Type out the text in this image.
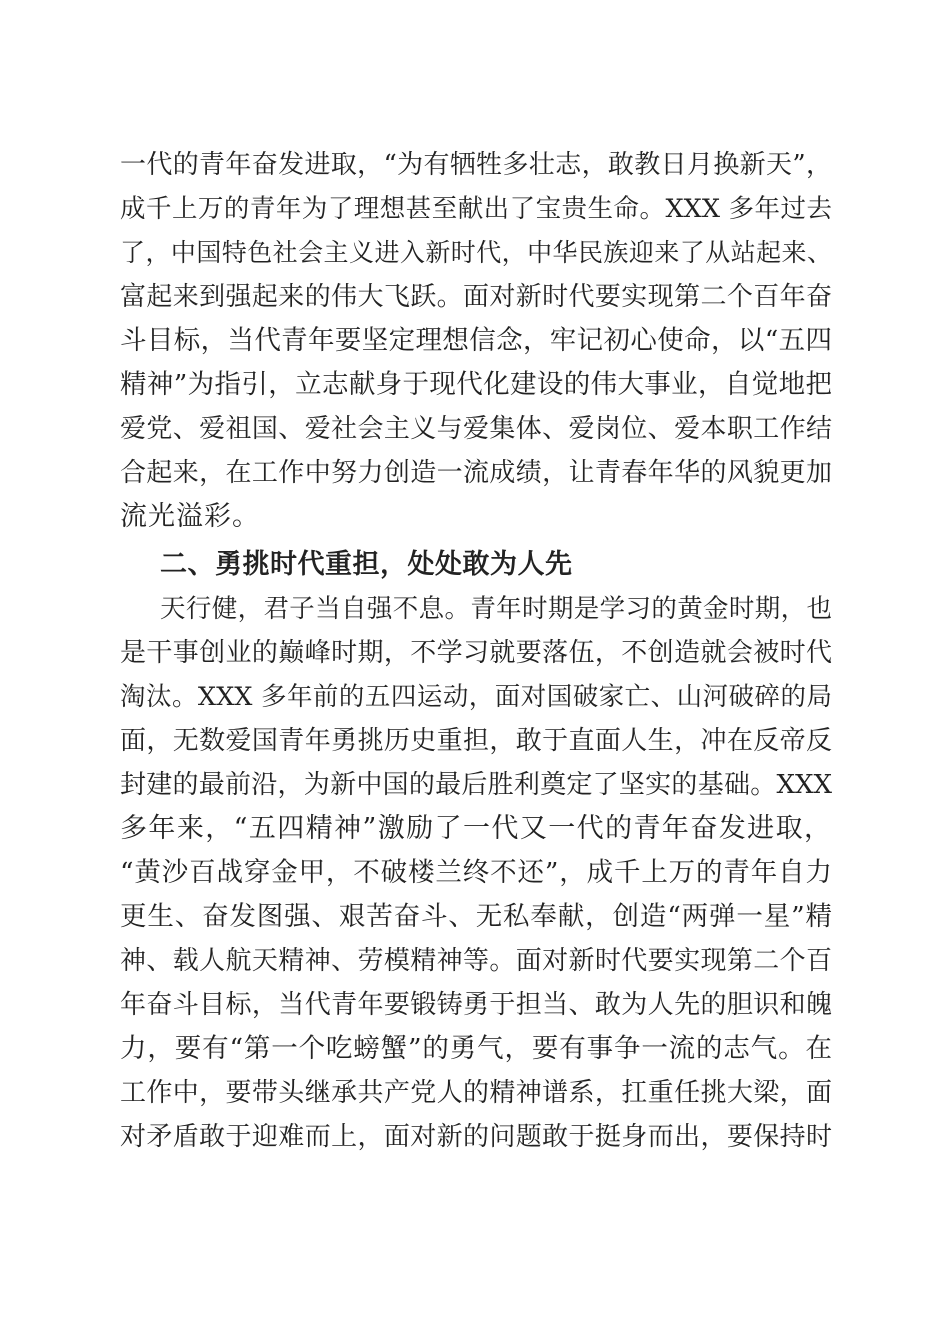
一代的青年奋发进取，“为有牺牲多壮志，敢教日月换新天”，
成千上万的青年为了理想甚至献出了宝贵生命。XXX 多年过去
了，中国特色社会主义进入新时代，中华民族迎来了从站起来、
富起来到强起来的伟大飞跃。面对新时代要实现第二个百年奋
斗目标，当代青年要坚定理想信念，牢记初心使命，以“五四
精神”为指引，立志献身于现代化建设的伟大事业，自觉地把
爱党、爱祖国、爱社会主义与爱集体、爱岗位、爱本职工作结
合起来，在工作中努力创造一流成绩，让青春年华的风貌更加
流光溢彩。
二、勇挑时代重担，处处敢为人先
天行健，君子当自强不息。青年时期是学习的黄金时期，也
是干事创业的巅峰时期，不学习就要落伍，不创造就会被时代
淘汰。XXX 多年前的五四运动，面对国破家亡、山河破碎的局
面，无数爱国青年勇挑历史重担，敢于直面人生，冲在反帝反
封建的最前沿，为新中国的最后胜利奠定了坚实的基础。XXX
多年来，“五四精神”激励了一代又一代的青年奋发进取，
“黄沙百战穿金甲，不破楼兰终不还”，成千上万的青年自力
更生、奋发图强、艰苦奋斗、无私奉献，创造“两弹一星”精
神、载人航天精神、劳模精神等。面对新时代要实现第二个百
年奋斗目标，当代青年要锻铸勇于担当、敢为人先的胆识和魄
力，要有“第一个吃螃蟹”的勇气，要有事争一流的志气。在
工作中，要带头继承共产党人的精神谱系，扛重任挑大梁，面
对矛盾敢于迎难而上，面对新的问题敢于挺身而出，要保持时
